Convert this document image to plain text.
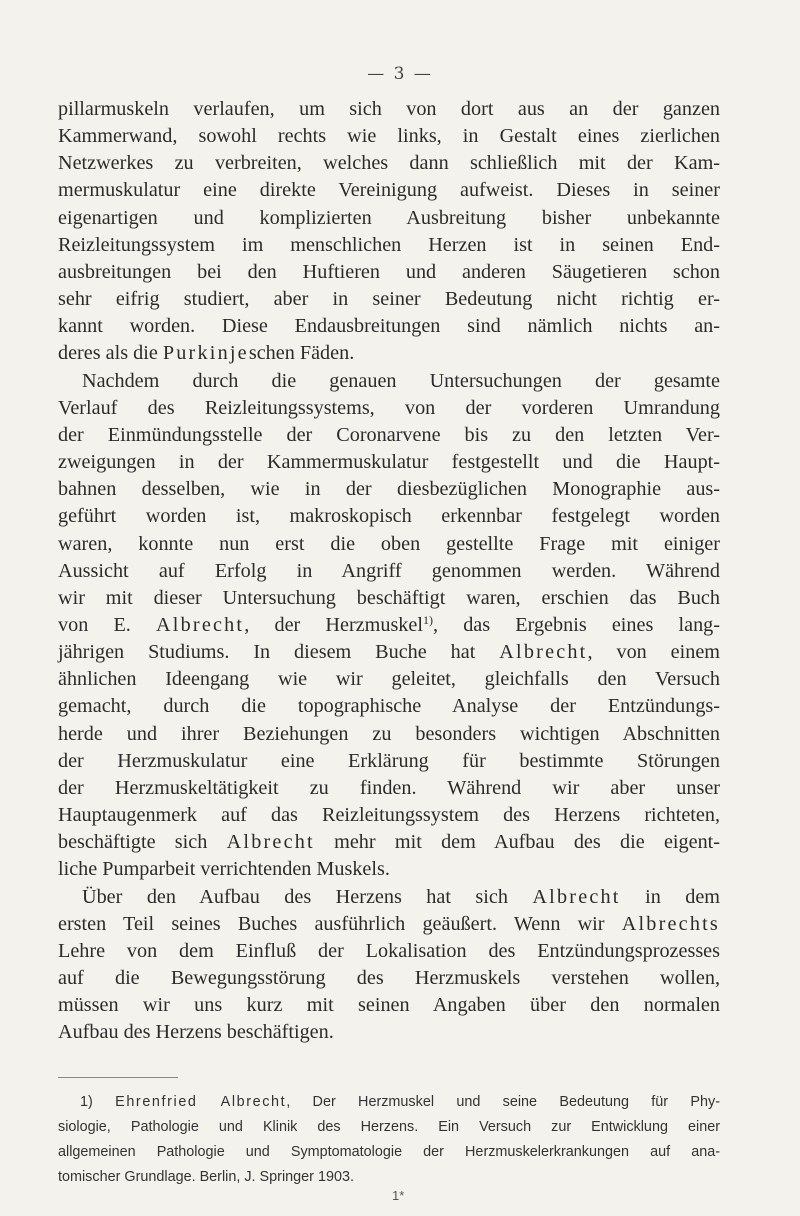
— 3 —
pillarmuskeln verlaufen, um sich von dort aus an der ganzen
Kammerwand, sowohl rechts wie links, in Gestalt eines zierlichen
Netzwerkes zu verbreiten, welches dann schließlich mit der Kam-
mermuskulatur eine direkte Vereinigung aufweist. Dieses in seiner
eigenartigen und komplizierten Ausbreitung bisher unbekannte
Reizleitungssystem im menschlichen Herzen ist in seinen End-
ausbreitungen bei den Huftieren und anderen Säugetieren schon
sehr eifrig studiert, aber in seiner Bedeutung nicht richtig er-
kannt worden. Diese Endausbreitungen sind nämlich nichts an-
deres als die Purkinjeschen Fäden.
Nachdem durch die genauen Untersuchungen der gesamte
Verlauf des Reizleitungssystems, von der vorderen Umrandung
der Einmündungsstelle der Coronarvene bis zu den letzten Ver-
zweigungen in der Kammermuskulatur festgestellt und die Haupt-
bahnen desselben, wie in der diesbezüglichen Monographie aus-
geführt worden ist, makroskopisch erkennbar festgelegt worden
waren, konnte nun erst die oben gestellte Frage mit einiger
Aussicht auf Erfolg in Angriff genommen werden. Während
wir mit dieser Untersuchung beschäftigt waren, erschien das Buch
von E. Albrecht, der Herzmuskel$^{1)}$, das Ergebnis eines lang-
jährigen Studiums. In diesem Buche hat Albrecht, von einem
ähnlichen Ideengang wie wir geleitet, gleichfalls den Versuch
gemacht, durch die topographische Analyse der Entzündungs-
herde und ihrer Beziehungen zu besonders wichtigen Abschnitten
der Herzmuskulatur eine Erklärung für bestimmte Störungen
der Herzmuskeltätigkeit zu finden. Während wir aber unser
Hauptaugenmerk auf das Reizleitungssystem des Herzens richteten,
beschäftigte sich Albrecht mehr mit dem Aufbau des die eigent-
liche Pumparbeit verrichtenden Muskels.
Über den Aufbau des Herzens hat sich Albrecht in dem
ersten Teil seines Buches ausführlich geäußert. Wenn wir Albrechts
Lehre von dem Einfluß der Lokalisation des Entzündungsprozesses
auf die Bewegungsstörung des Herzmuskels verstehen wollen,
müssen wir uns kurz mit seinen Angaben über den normalen
Aufbau des Herzens beschäftigen.
1) Ehrenfried Albrecht, Der Herzmuskel und seine Bedeutung für Phy-
siologie, Pathologie und Klinik des Herzens. Ein Versuch zur Entwicklung einer
allgemeinen Pathologie und Symptomatologie der Herzmuskelerkrankungen auf ana-
tomischer Grundlage. Berlin, J. Springer 1903.
1*
